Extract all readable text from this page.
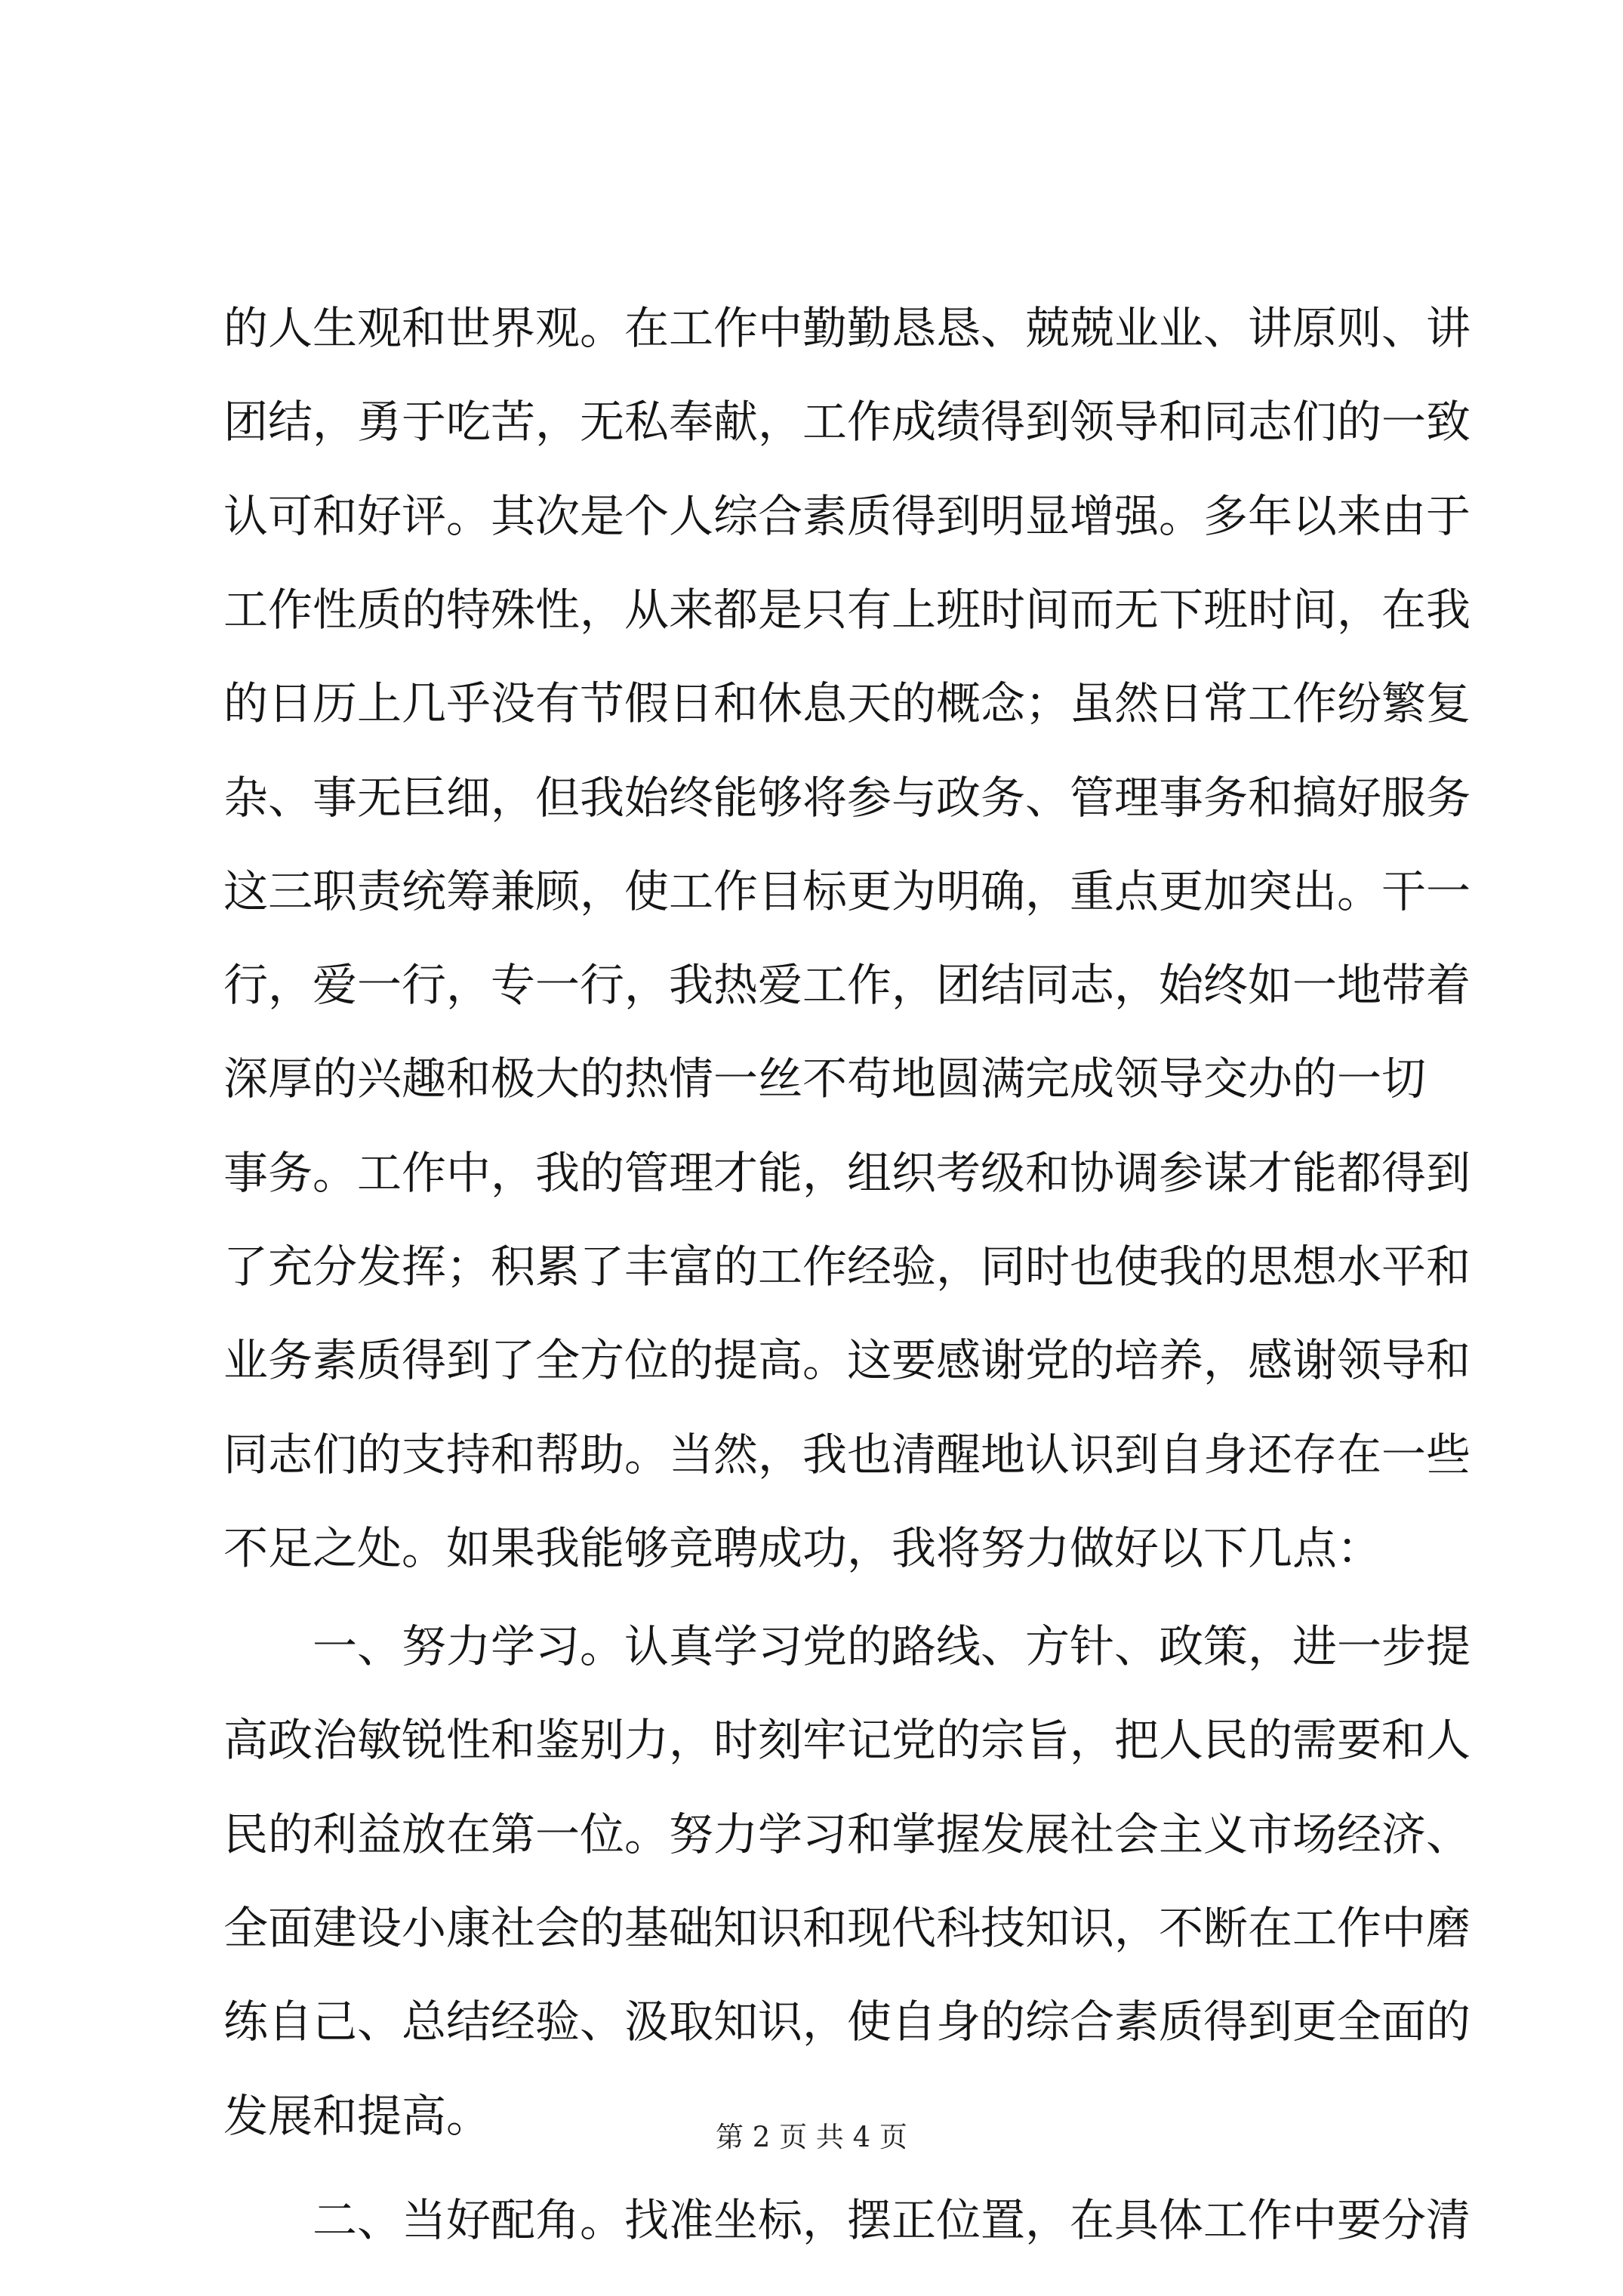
的人生观和世界观。在工作中勤勤恳恳、兢兢业业、讲原则、讲
团结，勇于吃苦，无私奉献，工作成绩得到领导和同志们的一致
认可和好评。其次是个人综合素质得到明显增强。多年以来由于
工作性质的特殊性，从来都是只有上班时间而无下班时间，在我
的日历上几乎没有节假日和休息天的概念；虽然日常工作纷繁复
杂、事无巨细，但我始终能够将参与政务、管理事务和搞好服务
这三职责统筹兼顾，使工作目标更为明确，重点更加突出。干一
行，爱一行，专一行，我热爱工作，团结同志，始终如一地带着
深厚的兴趣和极大的热情一丝不苟地圆满完成领导交办的一切
事务。工作中，我的管理才能，组织考级和协调参谋才能都得到
了充分发挥；积累了丰富的工作经验，同时也使我的思想水平和
业务素质得到了全方位的提高。这要感谢党的培养，感谢领导和
同志们的支持和帮助。当然，我也清醒地认识到自身还存在一些
不足之处。如果我能够竞聘成功，我将努力做好以下几点：
一、努力学习。认真学习党的路线、方针、政策，进一步提
高政治敏锐性和鉴别力，时刻牢记党的宗旨，把人民的需要和人
民的利益放在第一位。努力学习和掌握发展社会主义市场经济、
全面建设小康社会的基础知识和现代科技知识，不断在工作中磨
练自己、总结经验、汲取知识，使自身的综合素质得到更全面的
发展和提高。
二、当好配角。找准坐标，摆正位置，在具体工作中要分清
第 2 页 共 4 页
